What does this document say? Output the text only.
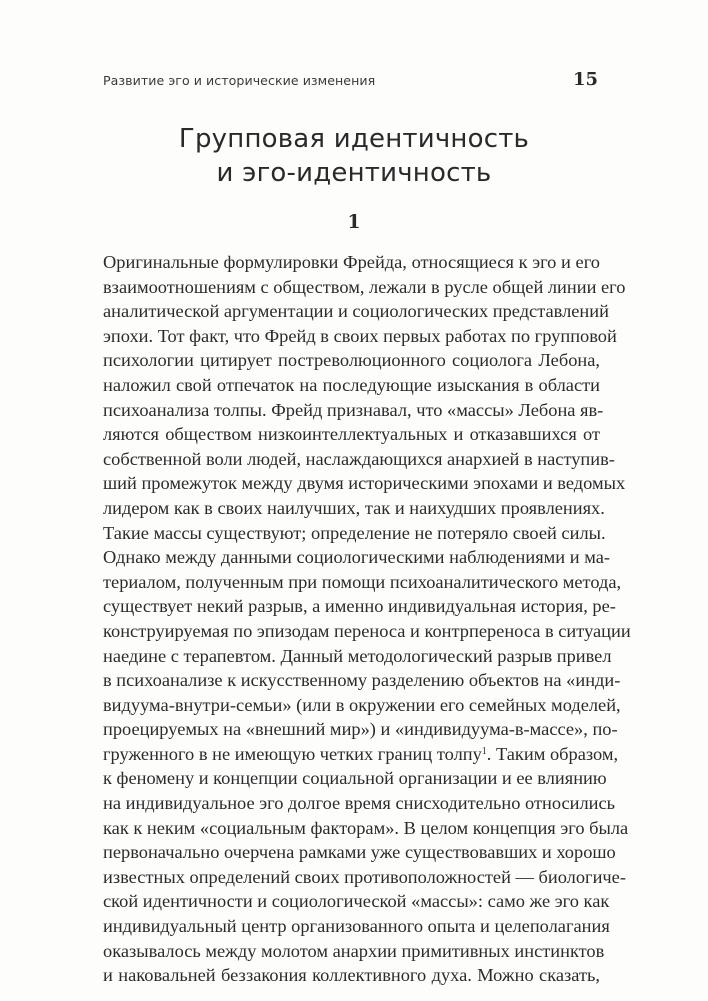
Развитие эго и исторические изменения	15
Групповая идентичность
и эго-идентичность
1
Оригинальные формулировки Фрейда, относящиеся к эго и его
взаимоотношениям с обществом, лежали в русле общей линии его
аналитической аргументации и социологических представлений
эпохи. Тот факт, что Фрейд в своих первых работах по групповой
психологии цитирует постреволюционного социолога Лебона,
наложил свой отпечаток на последующие изыскания в области
психоанализа толпы. Фрейд признавал, что «массы» Лебона яв-
ляются обществом низкоинтеллектуальных и отказавшихся от
собственной воли людей, наслаждающихся анархией в наступив-
ший промежуток между двумя историческими эпохами и ведомых
лидером как в своих наилучших, так и наихудших проявлениях.
Такие массы существуют; определение не потеряло своей силы.
Однако между данными социологическими наблюдениями и ма-
териалом, полученным при помощи психоаналитического метода,
существует некий разрыв, а именно индивидуальная история, ре-
конструируемая по эпизодам переноса и контрпереноса в ситуации
наедине с терапевтом. Данный методологический разрыв привел
в психоанализе к искусственному разделению объектов на «инди-
видуума-внутри-семьи» (или в окружении его семейных моделей,
проецируемых на «внешний мир») и «индивидуума-в-массе», по-
груженного в не имеющую четких границ толпу$^1$. Таким образом,
к феномену и концепции социальной организации и ее влиянию
на индивидуальное эго долгое время снисходительно относились
как к неким «социальным факторам». В целом концепция эго была
первоначально очерчена рамками уже существовавших и хорошо
известных определений своих противоположностей — биологиче-
ской идентичности и социологической «массы»: само же эго как
индивидуальный центр организованного опыта и целеполагания
оказывалось между молотом анархии примитивных инстинктов
и наковальней беззакония коллективного духа. Можно сказать,
